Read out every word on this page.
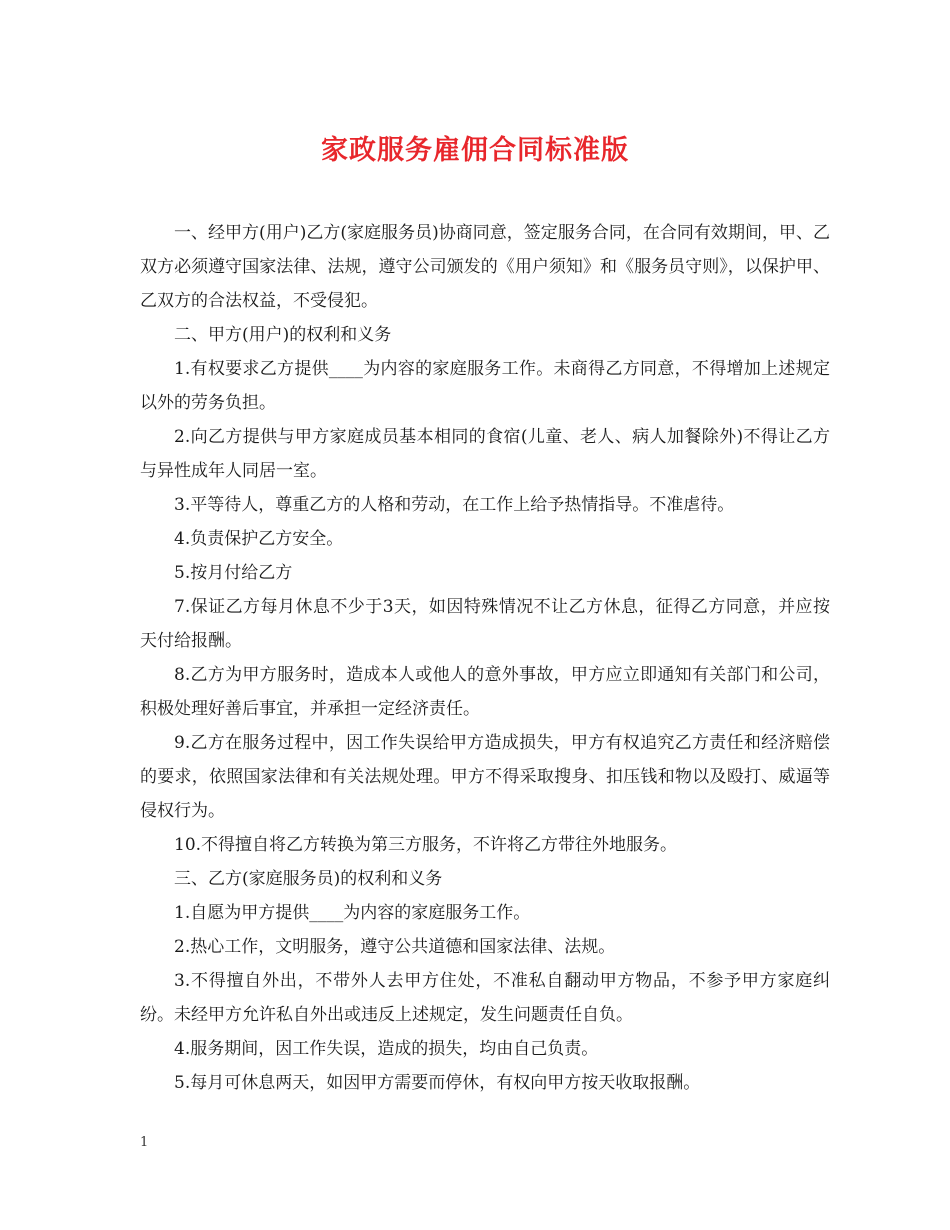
家政服务雇佣合同标准版

一、经甲方(用户)乙方(家庭服务员)协商同意，签定服务合同，在合同有效期间，甲、乙双方必须遵守国家法律、法规，遵守公司颁发的《用户须知》和《服务员守则》，以保护甲、乙双方的合法权益，不受侵犯。

二、甲方(用户)的权利和义务

1.有权要求乙方提供____为内容的家庭服务工作。未商得乙方同意，不得增加上述规定以外的劳务负担。

2.向乙方提供与甲方家庭成员基本相同的食宿(儿童、老人、病人加餐除外)不得让乙方与异性成年人同居一室。

3.平等待人，尊重乙方的人格和劳动，在工作上给予热情指导。不准虐待。

4.负责保护乙方安全。

5.按月付给乙方

7.保证乙方每月休息不少于3天，如因特殊情况不让乙方休息，征得乙方同意，并应按天付给报酬。

8.乙方为甲方服务时，造成本人或他人的意外事故，甲方应立即通知有关部门和公司，积极处理好善后事宜，并承担一定经济责任。

9.乙方在服务过程中，因工作失误给甲方造成损失，甲方有权追究乙方责任和经济赔偿的要求，依照国家法律和有关法规处理。甲方不得采取搜身、扣压钱和物以及殴打、威逼等侵权行为。

10.不得擅自将乙方转换为第三方服务，不许将乙方带往外地服务。

三、乙方(家庭服务员)的权利和义务

1.自愿为甲方提供____为内容的家庭服务工作。

2.热心工作，文明服务，遵守公共道德和国家法律、法规。

3.不得擅自外出，不带外人去甲方住处，不准私自翻动甲方物品，不参予甲方家庭纠纷。未经甲方允许私自外出或违反上述规定，发生问题责任自负。

4.服务期间，因工作失误，造成的损失，均由自己负责。

5.每月可休息两天，如因甲方需要而停休，有权向甲方按天收取报酬。

1
